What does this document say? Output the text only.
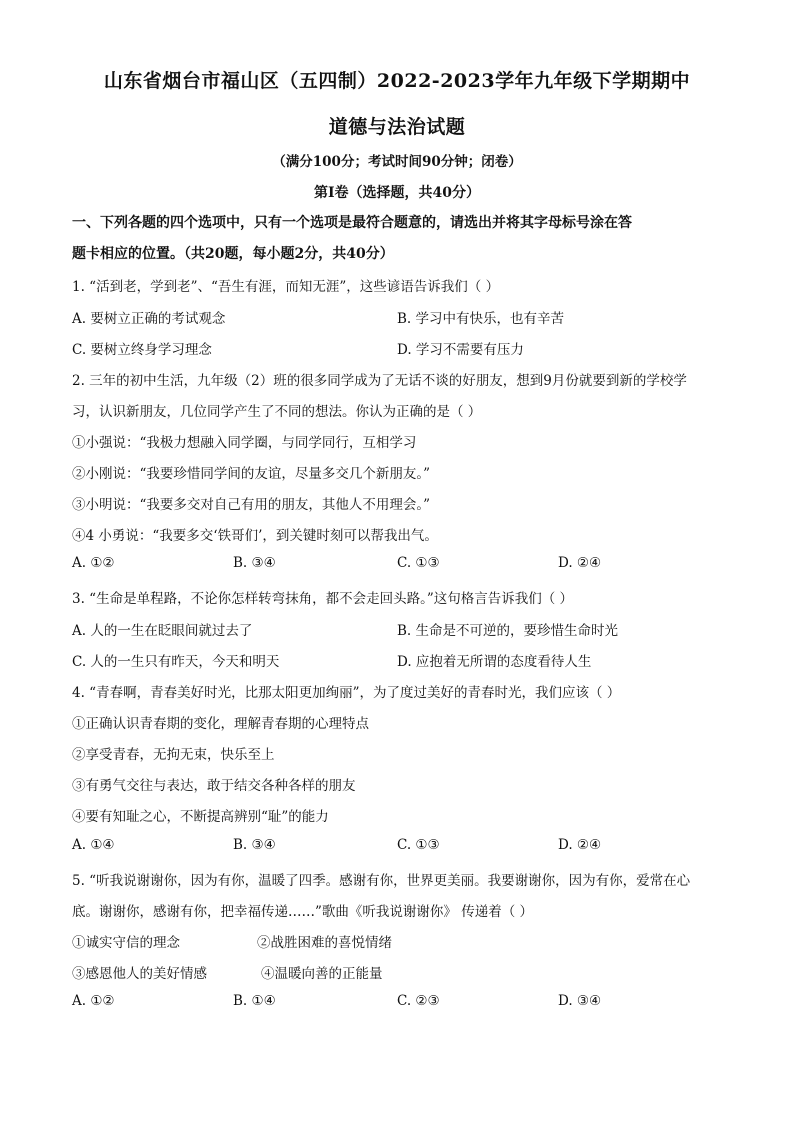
山东省烟台市福山区（五四制）2022-2023学年九年级下学期期中
道德与法治试题
（满分100分；考试时间90分钟；闭卷）
第Ⅰ卷（选择题，共40分）
一、下列各题的四个选项中，只有一个选项是最符合题意的，请选出并将其字母标号涂在答
题卡相应的位置。（共20题，每小题2分，共40分）
1. “活到老，学到老”、“吾生有涯，而知无涯”，这些谚语告诉我们（ ）
A. 要树立正确的考试观念	B. 学习中有快乐，也有辛苦
C. 要树立终身学习理念	D. 学习不需要有压力
2. 三年的初中生活，九年级（2）班的很多同学成为了无话不谈的好朋友，想到9月份就要到新的学校学
习，认识新朋友，几位同学产生了不同的想法。你认为正确的是（ ）
①小强说：“我极力想融入同学圈，与同学同行，互相学习
②小刚说：“我要珍惜同学间的友谊，尽量多交几个新朋友。”
③小明说：“我要多交对自己有用的朋友，其他人不用理会。”
④4 小勇说：“我要多交‘铁哥们’，到关键时刻可以帮我出气。
A. ①②	B. ③④	C. ①③	D. ②④
3. “生命是单程路，不论你怎样转弯抹角，都不会走回头路。”这句格言告诉我们（ ）
A. 人的一生在眨眼间就过去了	B. 生命是不可逆的，要珍惜生命时光
C. 人的一生只有昨天，今天和明天	D. 应抱着无所谓的态度看待人生
4. “青春啊，青春美好时光，比那太阳更加绚丽”，为了度过美好的青春时光，我们应该（ ）
①正确认识青春期的变化，理解青春期的心理特点
②享受青春，无拘无束，快乐至上
③有勇气交往与表达，敢于结交各种各样的朋友
④要有知耻之心，不断提高辨别“耻”的能力
A. ①④	B. ③④	C. ①③	D. ②④
5. “听我说谢谢你，因为有你，温暖了四季。感谢有你，世界更美丽。我要谢谢你，因为有你，爱常在心
底。谢谢你，感谢有你，把幸福传递……”歌曲《听我说谢谢你》 传递着（ ）
①诚实守信的理念	②战胜困难的喜悦情绪
③感恩他人的美好情感	④温暖向善的正能量
A. ①②	B. ①④	C. ②③	D. ③④
